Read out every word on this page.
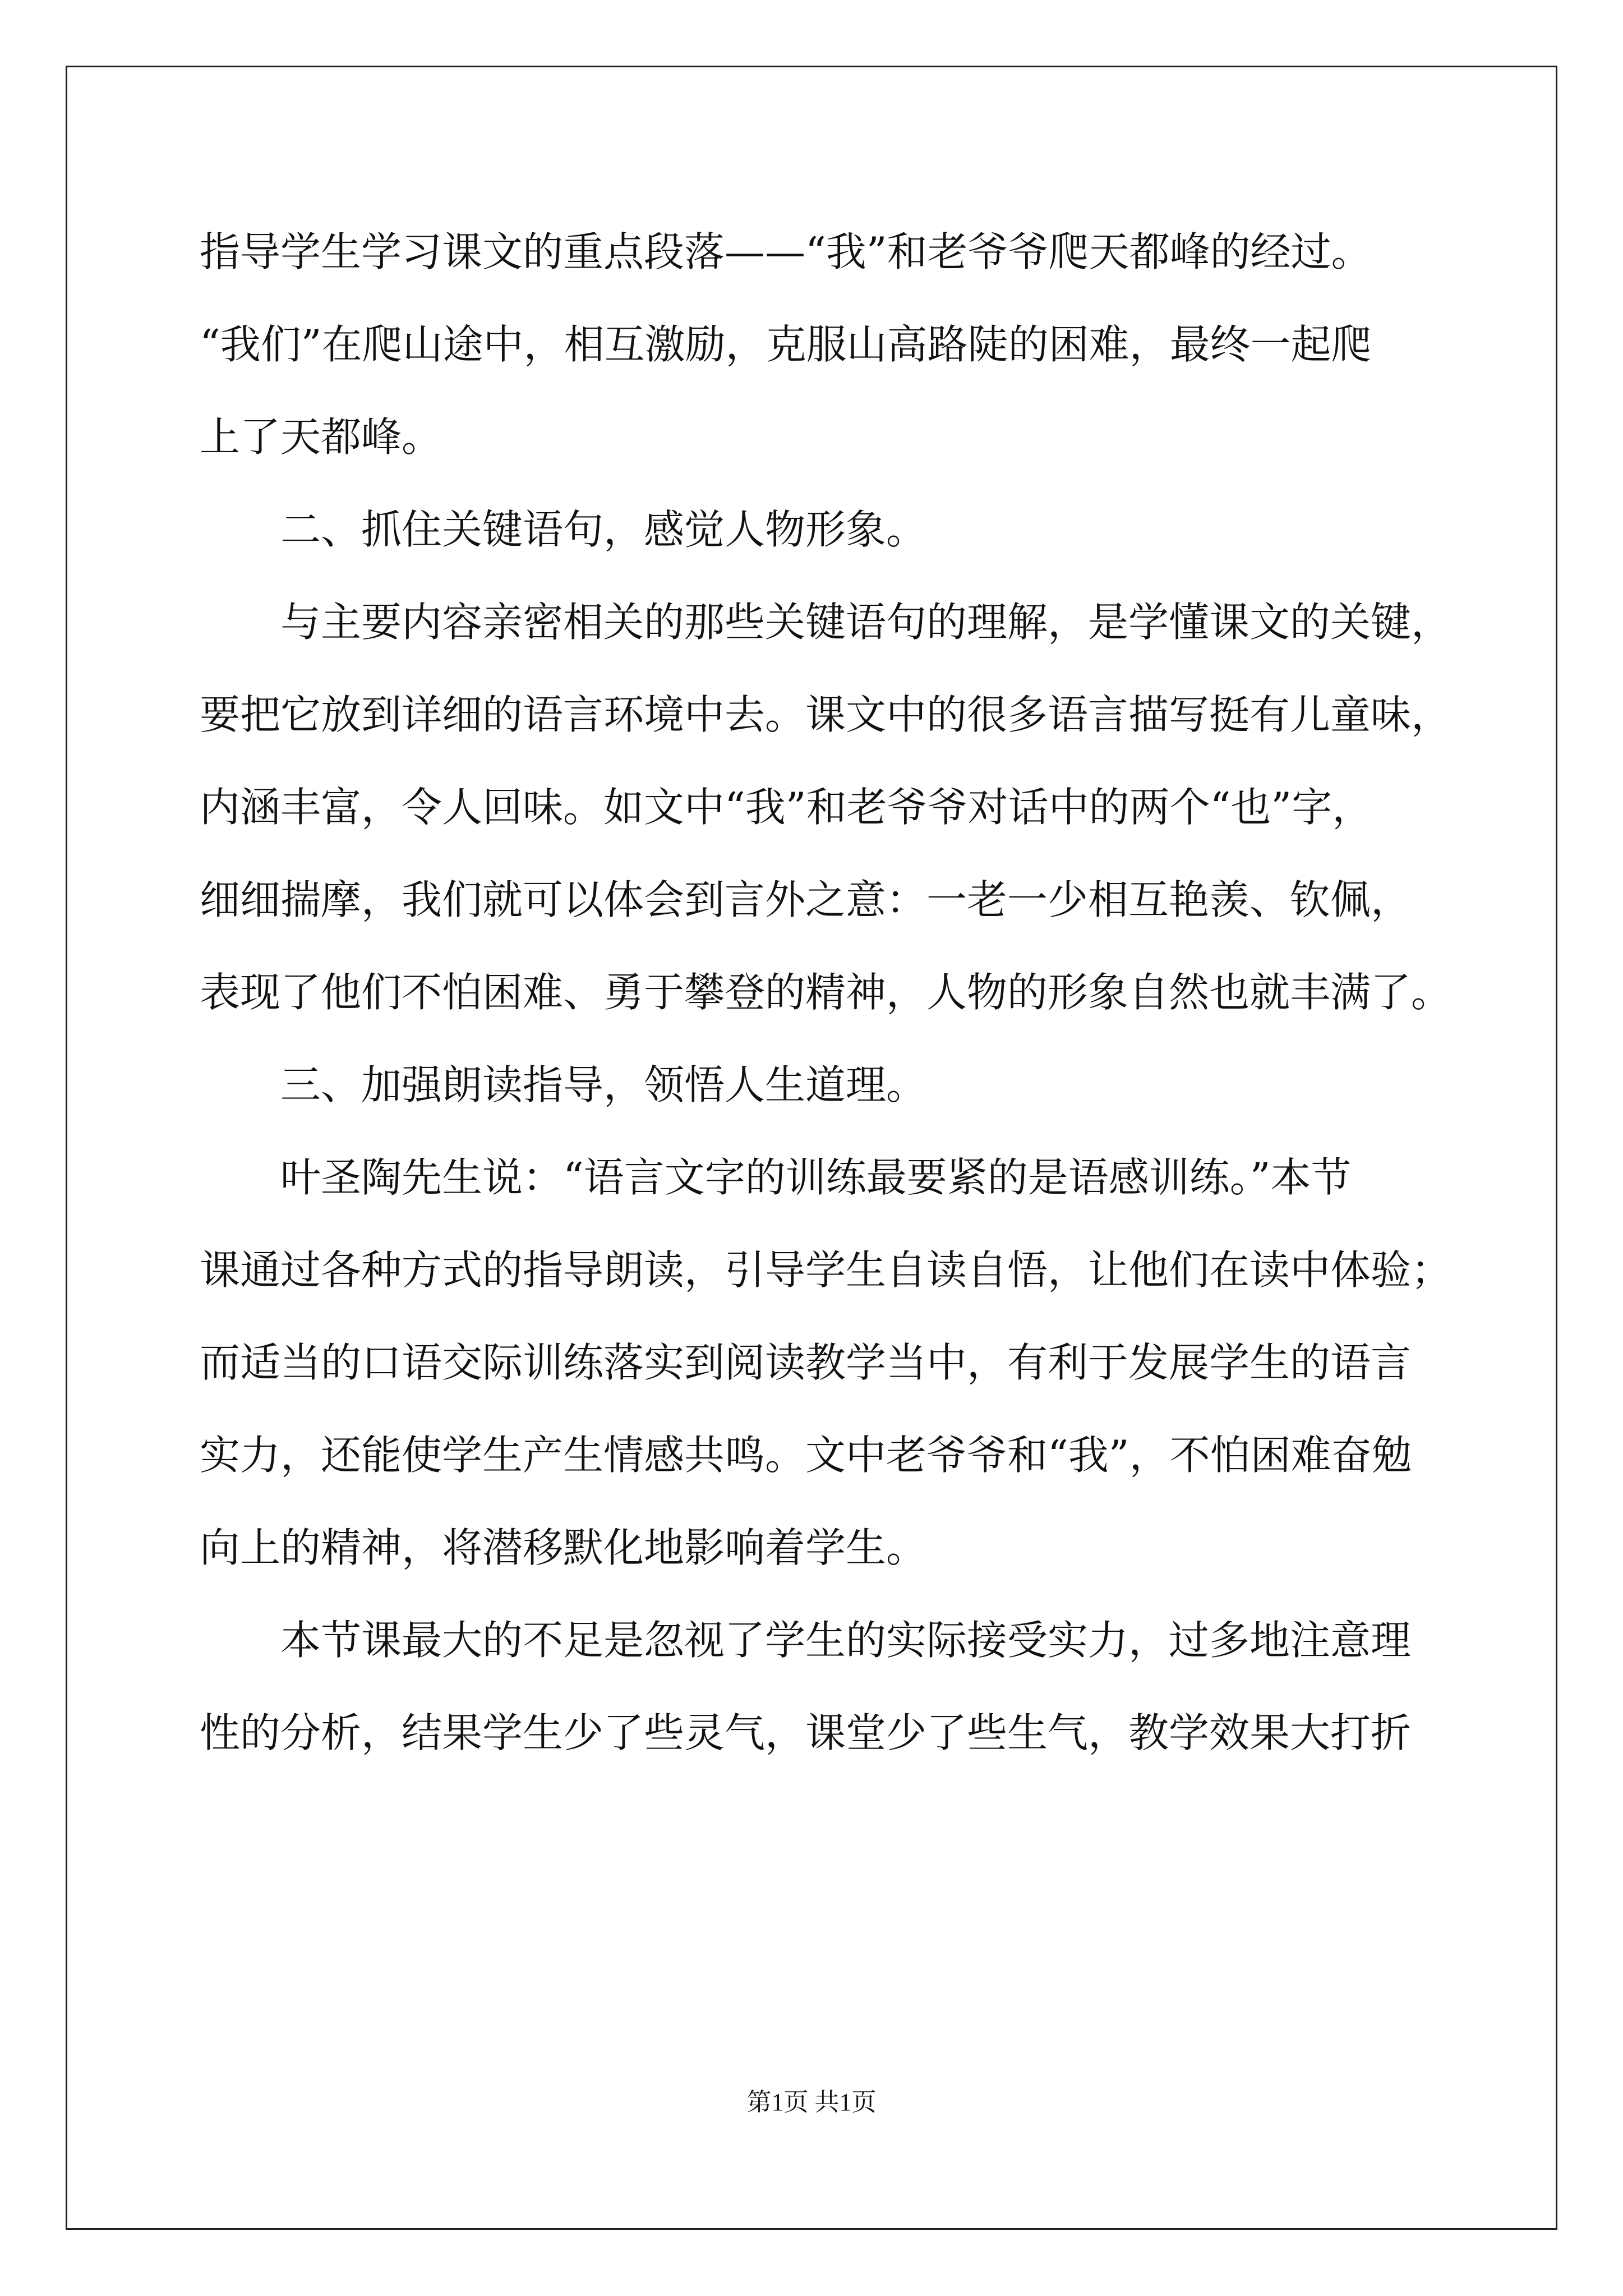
指导学生学习课文的重点段落——“我”和老爷爷爬天都峰的经过。
“我们”在爬山途中，相互激励，克服山高路陡的困难，最终一起爬
上了天都峰。
二、抓住关键语句，感觉人物形象。
与主要内容亲密相关的那些关键语句的理解，是学懂课文的关键，
要把它放到详细的语言环境中去。课文中的很多语言描写挺有儿童味，
内涵丰富，令人回味。如文中“我”和老爷爷对话中的两个“也”字，
细细揣摩，我们就可以体会到言外之意：一老一少相互艳羡、钦佩，
表现了他们不怕困难、勇于攀登的精神，人物的形象自然也就丰满了。
三、加强朗读指导，领悟人生道理。
叶圣陶先生说：“语言文字的训练最要紧的是语感训练。”本节
课通过各种方式的指导朗读，引导学生自读自悟，让他们在读中体验；
而适当的口语交际训练落实到阅读教学当中，有利于发展学生的语言
实力，还能使学生产生情感共鸣。文中老爷爷和“我”，不怕困难奋勉
向上的精神，将潜移默化地影响着学生。
本节课最大的不足是忽视了学生的实际接受实力，过多地注意理
性的分析，结果学生少了些灵气，课堂少了些生气，教学效果大打折
第1页 共1页
